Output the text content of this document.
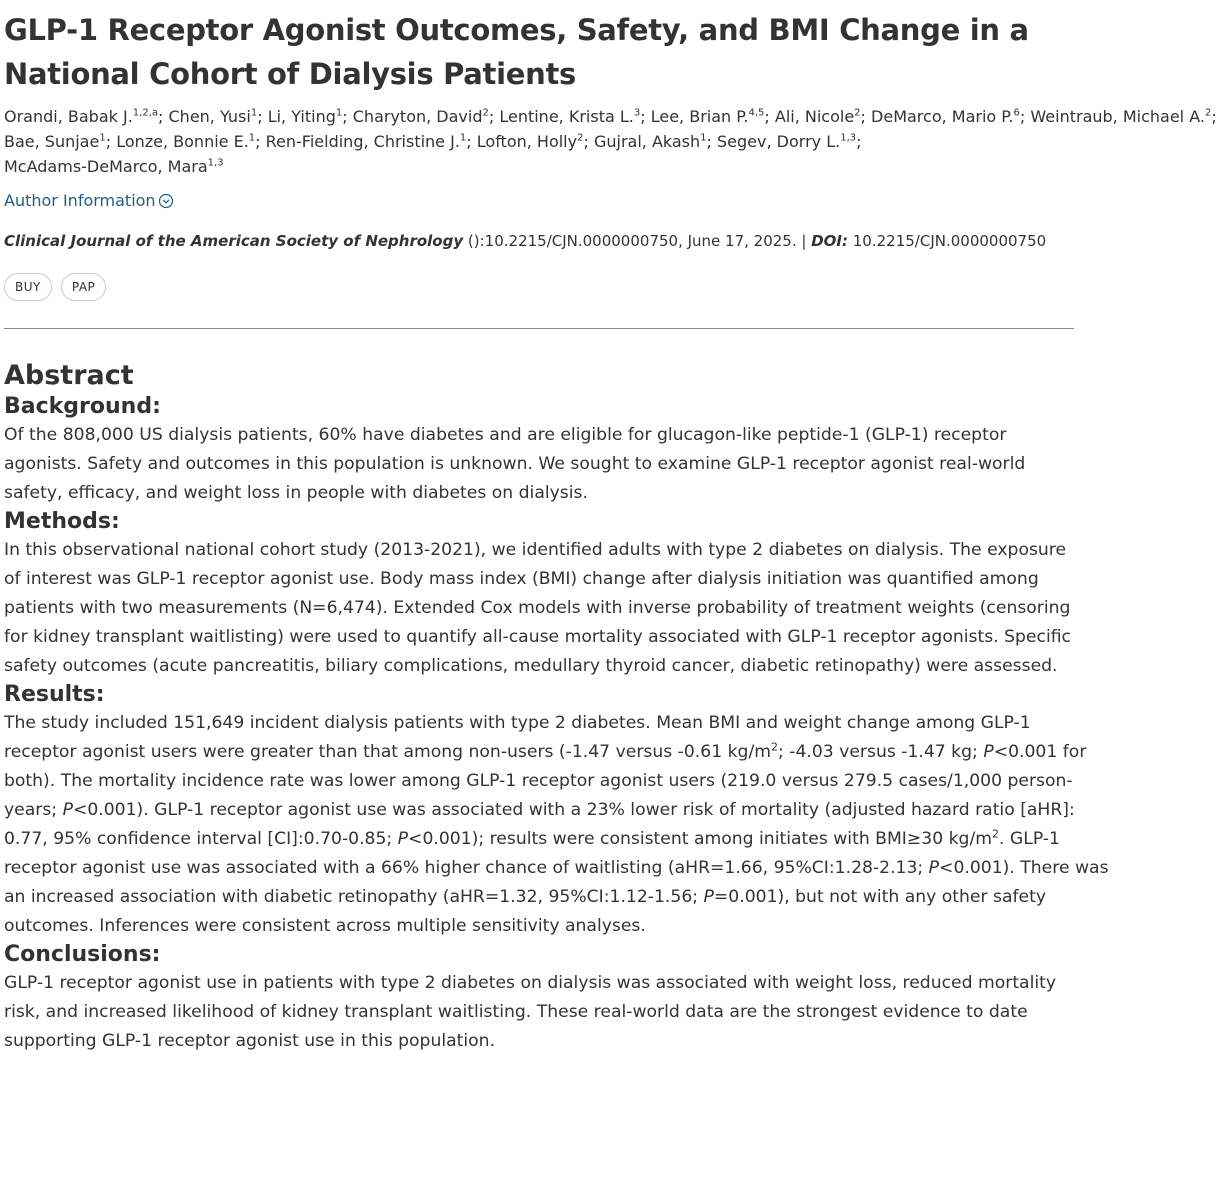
GLP-1 Receptor Agonist Outcomes, Safety, and BMI Change in a
National Cohort of Dialysis Patients
Orandi, Babak J.$^{1,2,a}$; Chen, Yusi$^1$; Li, Yiting$^1$; Charyton, David$^2$; Lentine, Krista L.$^3$; Lee, Brian P.$^{4,5}$; Ali, Nicole$^2$; DeMarco, Mario P.$^6$; Weintraub, Michael A.$^2$;
Bae, Sunjae$^1$; Lonze, Bonnie E.$^1$; Ren-Fielding, Christine J.$^1$; Lofton, Holly$^2$; Gujral, Akash$^1$; Segev, Dorry L.$^{1,3}$;
McAdams-DeMarco, Mara$^{1,3}$
Author Information
Clinical Journal of the American Society of Nephrology ():10.2215/CJN.0000000750, June 17, 2025. | DOI: 10.2215/CJN.0000000750
BUY	PAP
Abstract
Background:

Of the 808,000 US dialysis patients, 60% have diabetes and are eligible for glucagon-like peptide-1 (GLP-1) receptor
agonists. Safety and outcomes in this population is unknown. We sought to examine GLP-1 receptor agonist real-world
safety, efficacy, and weight loss in people with diabetes on dialysis.

Methods:

In this observational national cohort study (2013-2021), we identified adults with type 2 diabetes on dialysis. The exposure
of interest was GLP-1 receptor agonist use. Body mass index (BMI) change after dialysis initiation was quantified among
patients with two measurements (N=6,474). Extended Cox models with inverse probability of treatment weights (censoring
for kidney transplant waitlisting) were used to quantify all-cause mortality associated with GLP-1 receptor agonists. Specific
safety outcomes (acute pancreatitis, biliary complications, medullary thyroid cancer, diabetic retinopathy) were assessed.

Results:

The study included 151,649 incident dialysis patients with type 2 diabetes. Mean BMI and weight change among GLP-1
receptor agonist users were greater than that among non-users (-1.47 versus -0.61 $kg/m^2$; -4.03 versus -1.47 kg; P<0.001 for
both). The mortality incidence rate was lower among GLP-1 receptor agonist users (219.0 versus 279.5 cases/1,000 person-
years; P<0.001). GLP-1 receptor agonist use was associated with a 23% lower risk of mortality (adjusted hazard ratio [aHR]:
0.77, 95% confidence interval [CI]:0.70-0.85; P<0.001); results were consistent among initiates with BMI≥30 $kg/m^2$. GLP-1
receptor agonist use was associated with a 66% higher chance of waitlisting (aHR=1.66, 95%CI:1.28-2.13; P<0.001). There was
an increased association with diabetic retinopathy (aHR=1.32, 95%CI:1.12-1.56; P=0.001), but not with any other safety
outcomes. Inferences were consistent across multiple sensitivity analyses.

Conclusions:

GLP-1 receptor agonist use in patients with type 2 diabetes on dialysis was associated with weight loss, reduced mortality
risk, and increased likelihood of kidney transplant waitlisting. These real-world data are the strongest evidence to date
supporting GLP-1 receptor agonist use in this population.
